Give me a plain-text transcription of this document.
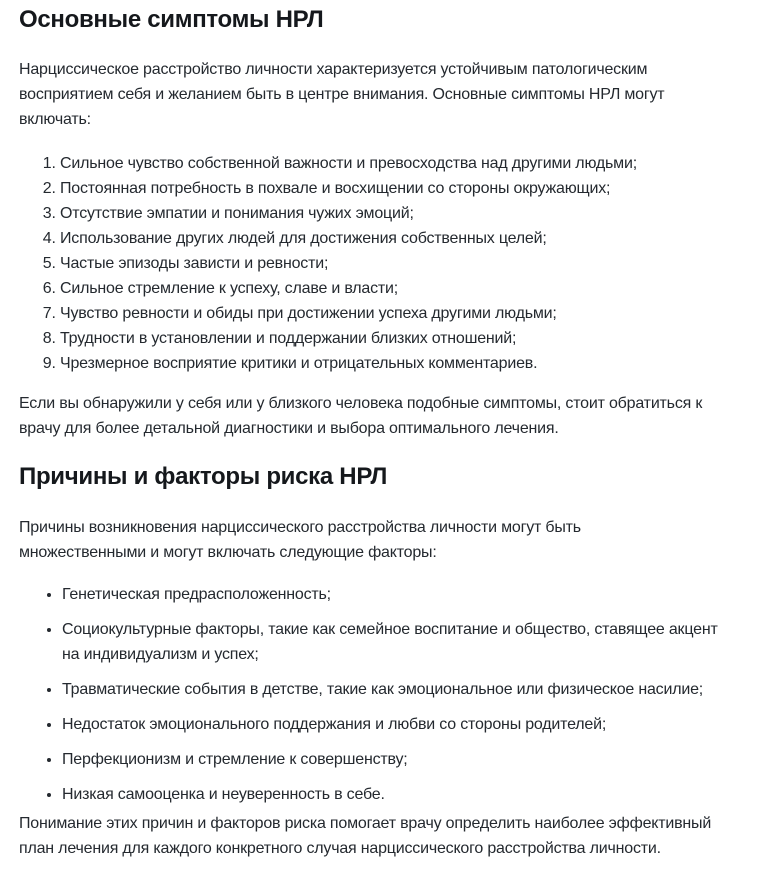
Основные симптомы НРЛ

Нарциссическое расстройство личности характеризуется устойчивым патологическим
восприятием себя и желанием быть в центре внимания. Основные симптомы НРЛ могут
включать:

1. Сильное чувство собственной важности и превосходства над другими людьми;
2. Постоянная потребность в похвале и восхищении со стороны окружающих;
3. Отсутствие эмпатии и понимания чужих эмоций;
4. Использование других людей для достижения собственных целей;
5. Частые эпизоды зависти и ревности;
6. Сильное стремление к успеху, славе и власти;
7. Чувство ревности и обиды при достижении успеха другими людьми;
8. Трудности в установлении и поддержании близких отношений;
9. Чрезмерное восприятие критики и отрицательных комментариев.

Если вы обнаружили у себя или у близкого человека подобные симптомы, стоит обратиться к
врачу для более детальной диагностики и выбора оптимального лечения.

Причины и факторы риска НРЛ

Причины возникновения нарциссического расстройства личности могут быть
множественными и могут включать следующие факторы:

• Генетическая предрасположенность;
• Социокультурные факторы, такие как семейное воспитание и общество, ставящее акцент
на индивидуализм и успех;
• Травматические события в детстве, такие как эмоциональное или физическое насилие;
• Недостаток эмоционального поддержания и любви со стороны родителей;
• Перфекционизм и стремление к совершенству;
• Низкая самооценка и неуверенность в себе.

Понимание этих причин и факторов риска помогает врачу определить наиболее эффективный
план лечения для каждого конкретного случая нарциссического расстройства личности.
